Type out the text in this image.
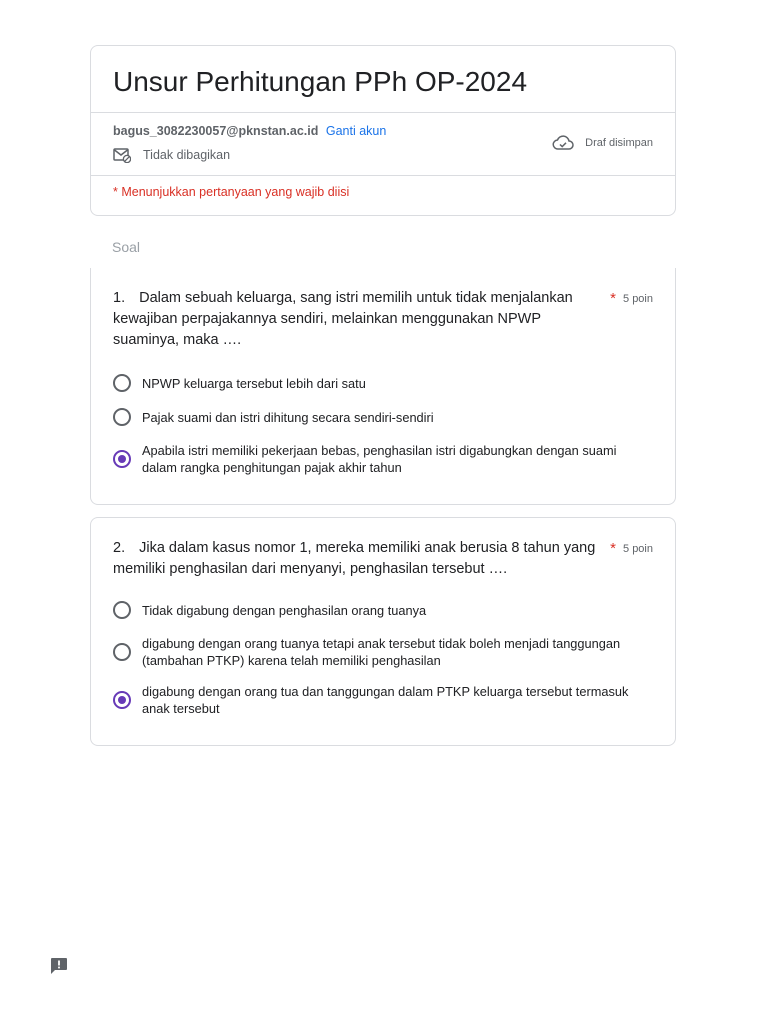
Unsur Perhitungan PPh OP-2024
bagus_3082230057@pknstan.ac.id Ganti akun
Tidak dibagikan
Draf disimpan
* Menunjukkan pertanyaan yang wajib diisi
Soal
1. Dalam sebuah keluarga, sang istri memilih untuk tidak menjalankan kewajiban perpajakannya sendiri, melainkan menggunakan NPWP suaminya, maka ….
* 5 poin
NPWP keluarga tersebut lebih dari satu
Pajak suami dan istri dihitung secara sendiri-sendiri
Apabila istri memiliki pekerjaan bebas, penghasilan istri digabungkan dengan suami dalam rangka penghitungan pajak akhir tahun
2. Jika dalam kasus nomor 1, mereka memiliki anak berusia 8 tahun yang memiliki penghasilan dari menyanyi, penghasilan tersebut ….
* 5 poin
Tidak digabung dengan penghasilan orang tuanya
digabung dengan orang tuanya tetapi anak tersebut tidak boleh menjadi tanggungan (tambahan PTKP) karena telah memiliki penghasilan
digabung dengan orang tua dan tanggungan dalam PTKP keluarga tersebut termasuk anak tersebut
